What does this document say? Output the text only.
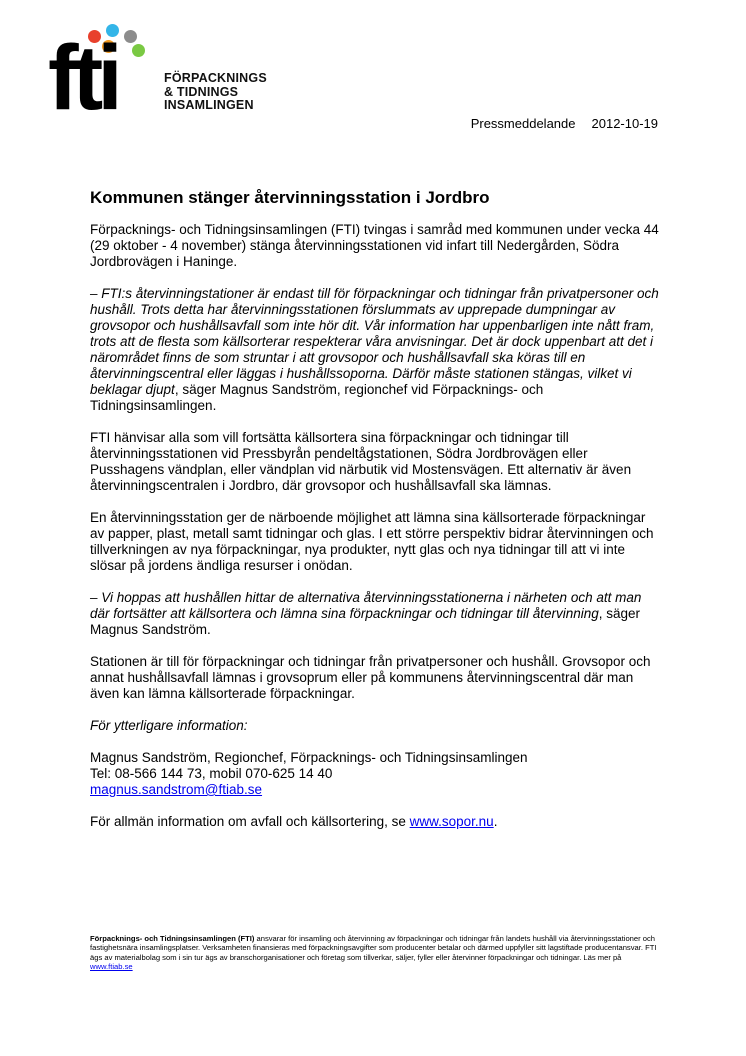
fti	FÖRPACKNINGS
& TIDNINGS
INSAMLINGEN
Pressmeddelande 2012-10-19
Kommunen stänger återvinningsstation i Jordbro

Förpacknings- och Tidningsinsamlingen (FTI) tvingas i samråd med kommunen under vecka 44 (29 oktober - 4 november) stänga återvinningsstationen vid infart till Nedergården, Södra Jordbrovägen i Haninge.

– FTI:s återvinningstationer är endast till för förpackningar och tidningar från privatpersoner och hushåll. Trots detta har återvinningsstationen förslummats av upprepade dumpningar av grovsopor och hushållsavfall som inte hör dit. Vår information har uppenbarligen inte nått fram, trots att de flesta som källsorterar respekterar våra anvisningar. Det är dock uppenbart att det i närområdet finns de som struntar i att grovsopor och hushållsavfall ska köras till en återvinningscentral eller läggas i hushållssoporna. Därför måste stationen stängas, vilket vi beklagar djupt, säger Magnus Sandström, regionchef vid Förpacknings- och Tidningsinsamlingen.

FTI hänvisar alla som vill fortsätta källsortera sina förpackningar och tidningar till återvinningsstationen vid Pressbyrån pendeltågstationen, Södra Jordbrovägen eller Pusshagens vändplan, eller vändplan vid närbutik vid Mostensvägen. Ett alternativ är även återvinningscentralen i Jordbro, där grovsopor och hushållsavfall ska lämnas.

En återvinningsstation ger de närboende möjlighet att lämna sina källsorterade förpackningar av papper, plast, metall samt tidningar och glas. I ett större perspektiv bidrar återvinningen och tillverkningen av nya förpackningar, nya produkter, nytt glas och nya tidningar till att vi inte slösar på jordens ändliga resurser i onödan.

– Vi hoppas att hushållen hittar de alternativa återvinningsstationerna i närheten och att man där fortsätter att källsortera och lämna sina förpackningar och tidningar till återvinning, säger Magnus Sandström.

Stationen är till för förpackningar och tidningar från privatpersoner och hushåll. Grovsopor och annat hushållsavfall lämnas i grovsoprum eller på kommunens återvinningscentral där man även kan lämna källsorterade förpackningar.

För ytterligare information:

Magnus Sandström, Regionchef, Förpacknings- och Tidningsinsamlingen
Tel: 08-566 144 73, mobil 070-625 14 40
magnus.sandstrom@ftiab.se

För allmän information om avfall och källsortering, se www.sopor.nu.

Förpacknings- och Tidningsinsamlingen (FTI) ansvarar för insamling och återvinning av förpackningar och tidningar från landets hushåll via återvinningsstationer och fastighetsnära insamlingsplatser. Verksamheten finansieras med förpackningsavgifter som producenter betalar och därmed uppfyller sitt lagstiftade producentansvar. FTI ägs av materialbolag som i sin tur ägs av branschorganisationer och företag som tillverkar, säljer, fyller eller återvinner förpackningar och tidningar. Läs mer på www.ftiab.se
